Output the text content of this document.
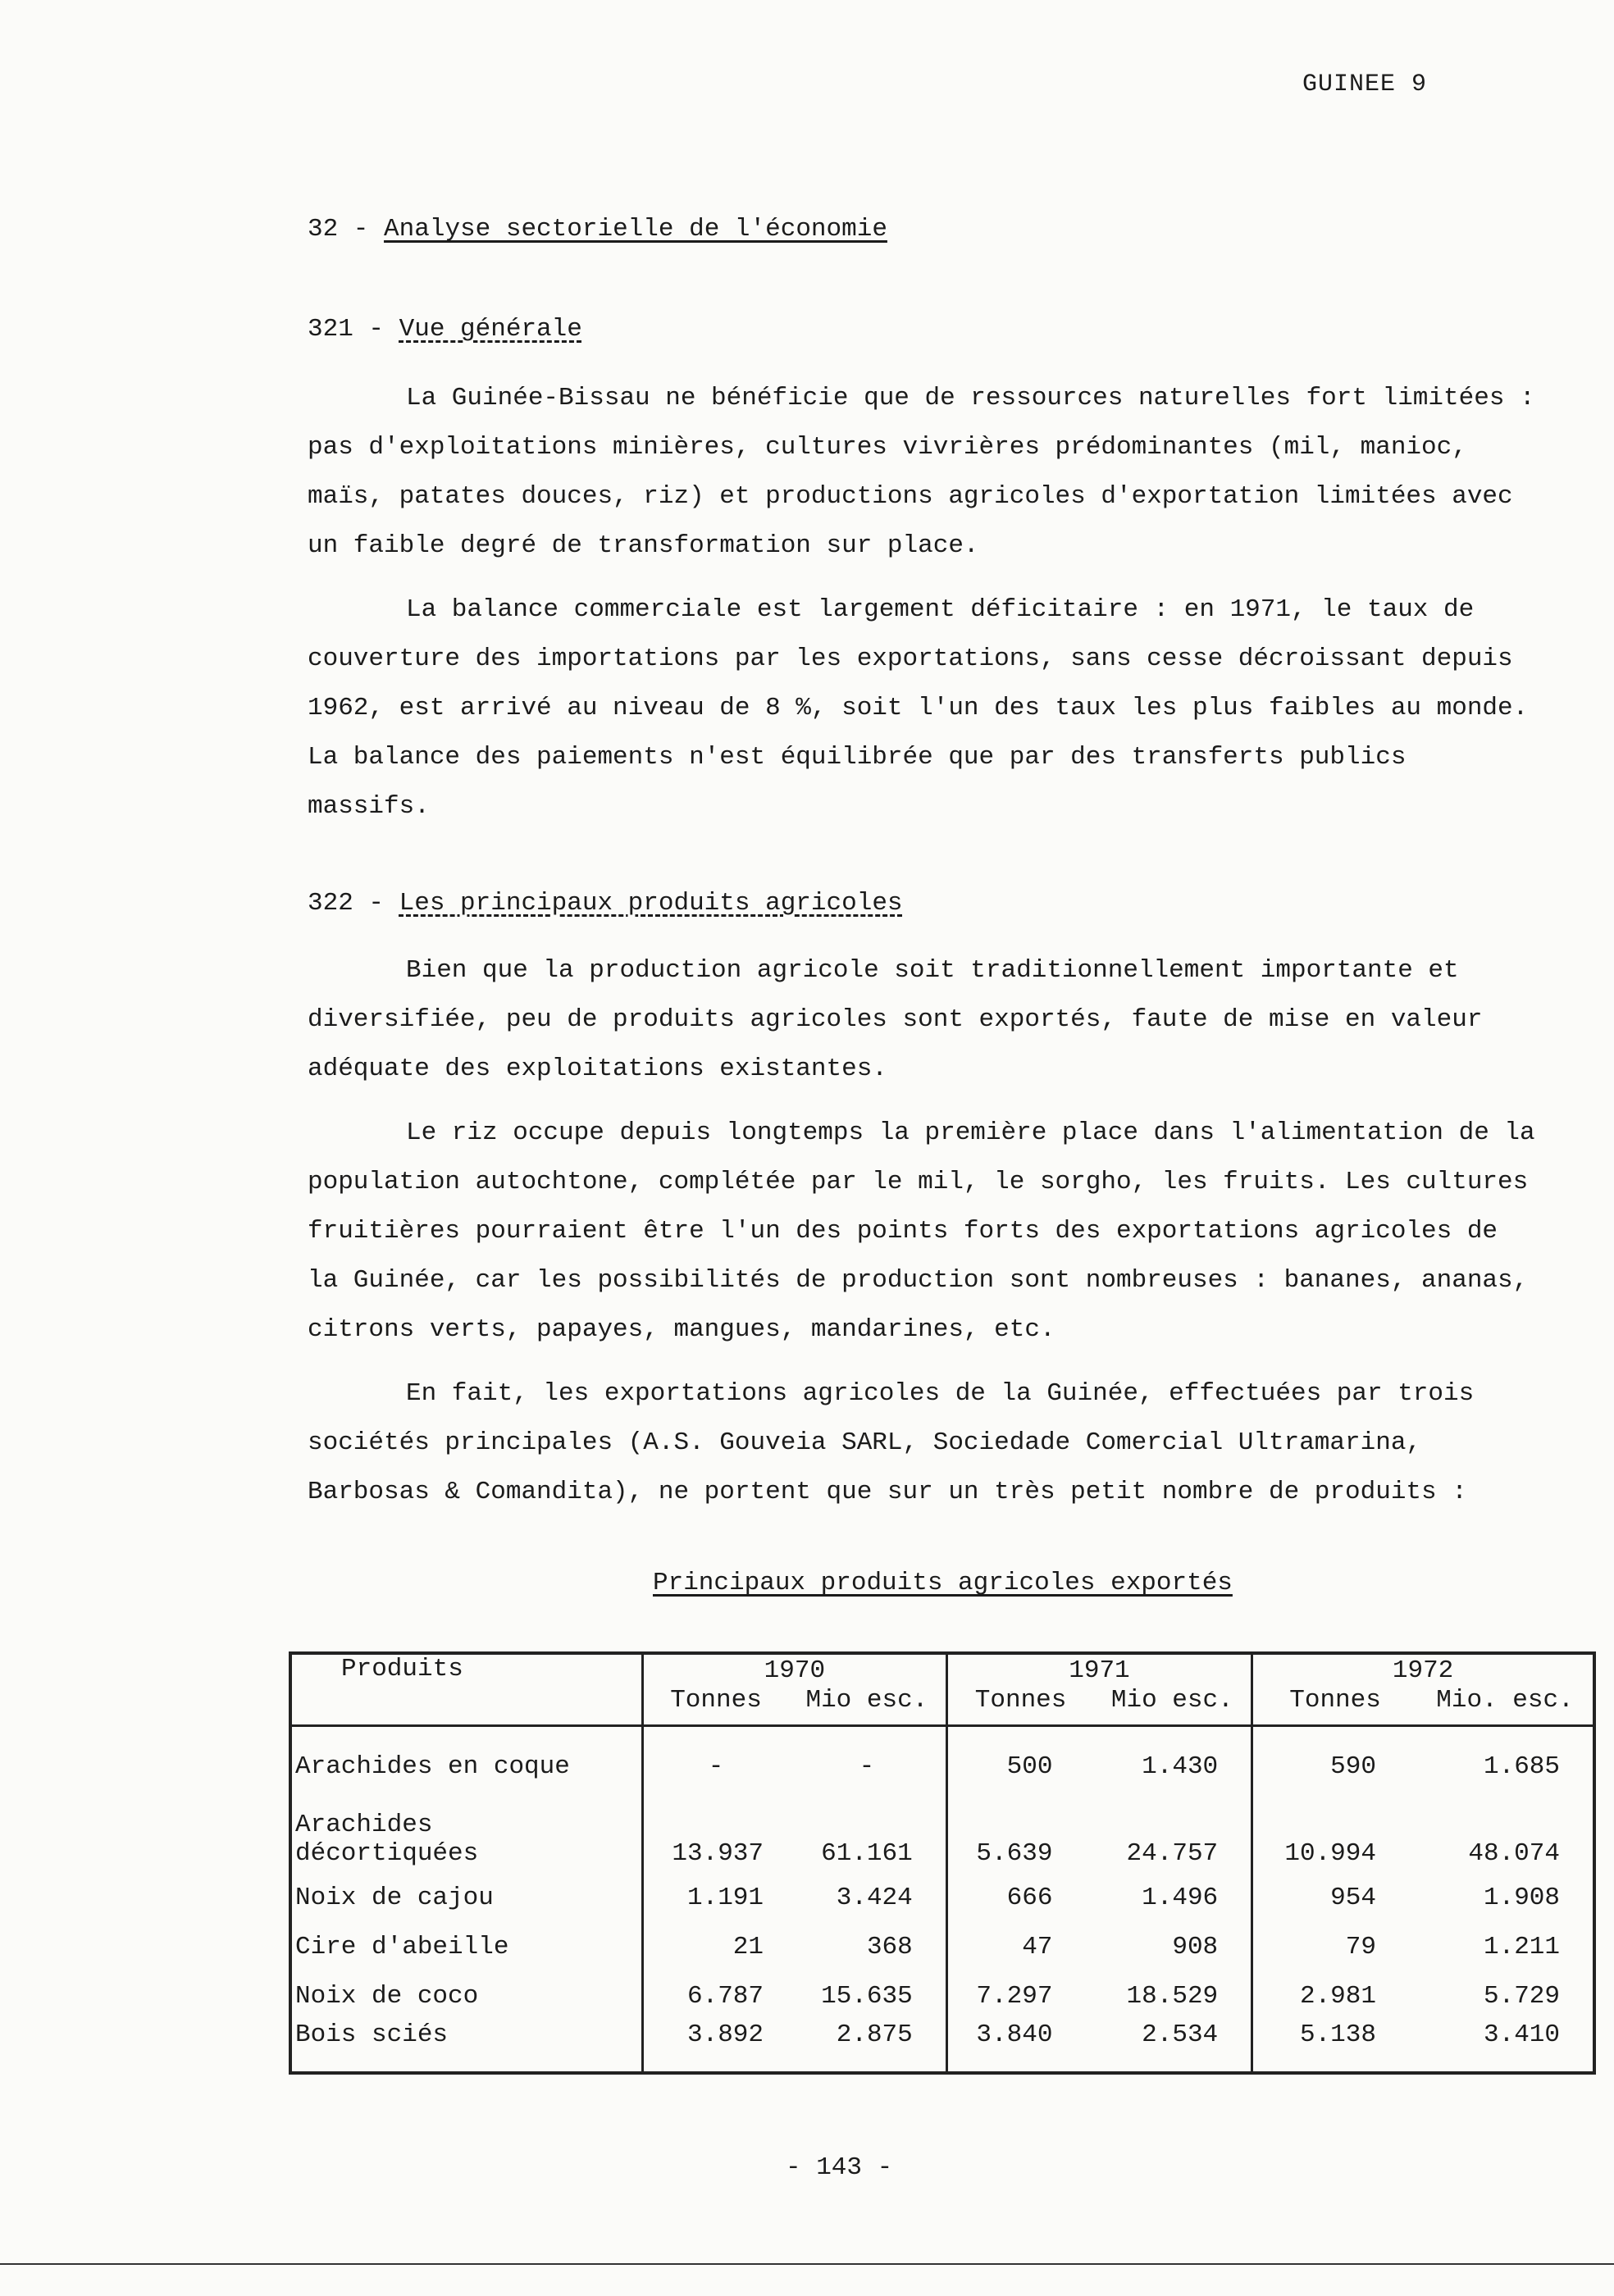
GUINEE 9
32 - Analyse sectorielle de l'économie
321 - Vue générale
La Guinée-Bissau ne bénéficie que de ressources naturelles fort limitées : pas d'exploitations minières, cultures vivrières prédominantes (mil, manioc, maïs, patates douces, riz) et productions agricoles d'exportation limitées avec un faible degré de transformation sur place.
La balance commerciale est largement déficitaire : en 1971, le taux de couverture des importations par les exportations, sans cesse décroissant depuis 1962, est arrivé au niveau de 8 %, soit l'un des taux les plus faibles au monde. La balance des paiements n'est équilibrée que par des transferts publics massifs.
322 - Les principaux produits agricoles
Bien que la production agricole soit traditionnellement importante et diversifiée, peu de produits agricoles sont exportés, faute de mise en valeur adéquate des exploitations existantes.
Le riz occupe depuis longtemps la première place dans l'alimentation de la population autochtone, complétée par le mil, le sorgho, les fruits. Les cultures fruitières pourraient être l'un des points forts des exportations agricoles de la Guinée, car les possibilités de production sont nombreuses : bananes, ananas, citrons verts, papayes, mangues, mandarines, etc.
En fait, les exportations agricoles de la Guinée, effectuées par trois sociétés principales (A.S. Gouveia SARL, Sociedade Comercial Ultramarina, Barbosas & Comandita), ne portent que sur un très petit nombre de produits :
Principaux produits agricoles exportés
Produits	1970		1971		1972	
	Tonnes	Mio esc.	Tonnes	Mio esc.	Tonnes	Mio. esc.

Arachides en coque	-	-	500	1.430	590	1.685
Arachides décortiquées	13.937	61.161	5.639	24.757	10.994	48.074
Noix de cajou	1.191	3.424	666	1.496	954	1.908
Cire d'abeille	21	368	47	908	79	1.211
Noix de coco	6.787	15.635	7.297	18.529	2.981	5.729
Bois sciés	3.892	2.875	3.840	2.534	5.138	3.410
- 143 -
